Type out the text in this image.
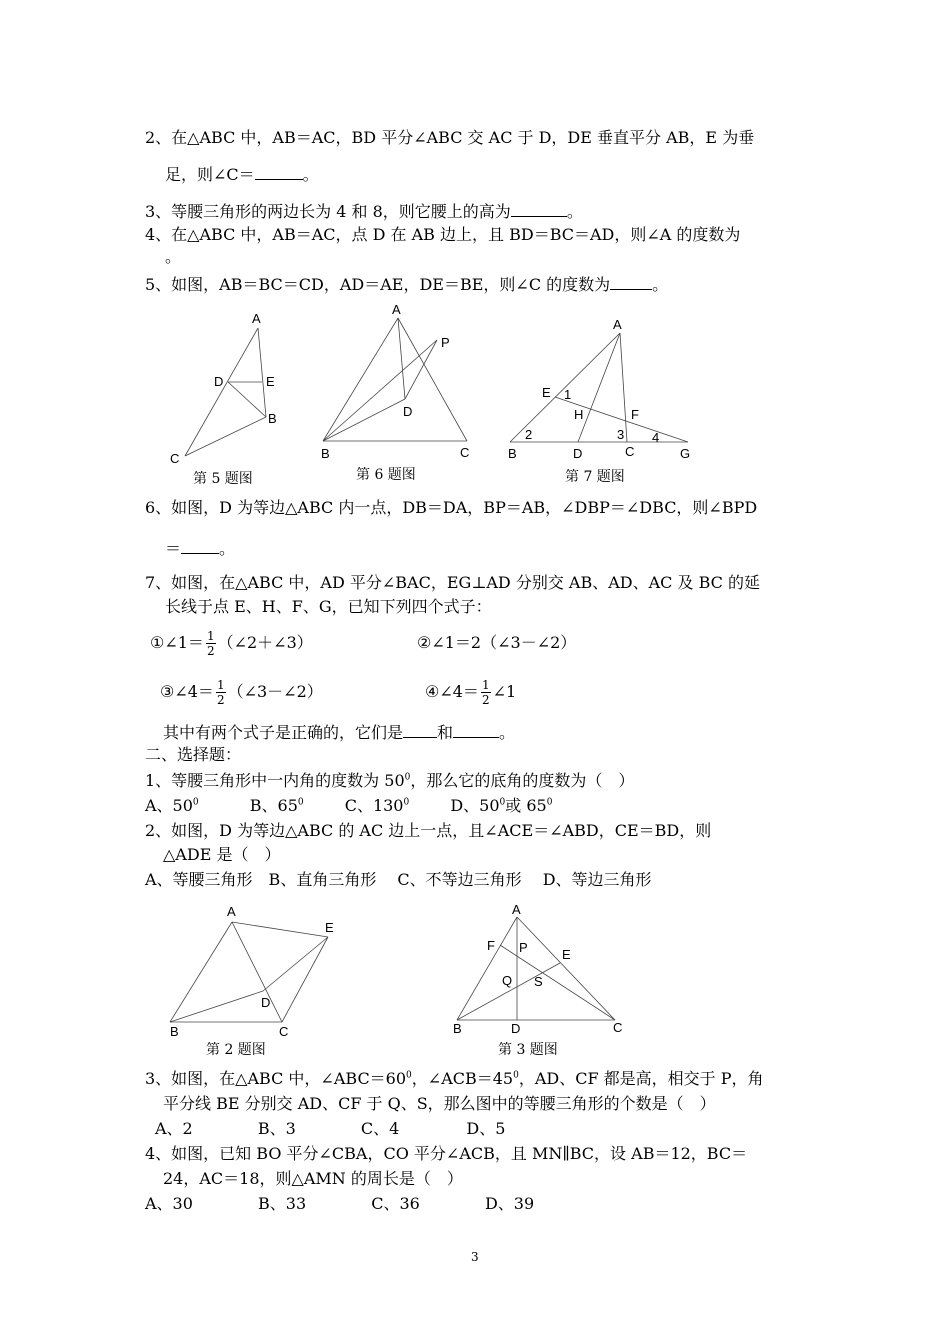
2、在△ABC 中，AB＝AC，BD 平分∠ABC 交 AC 于 D，DE 垂直平分 AB，E 为垂
足，则∠C＝	。
3、等腰三角形的两边长为 4 和 8，则它腰上的高为	。
4、在△ABC 中，AB＝AC，点 D 在 AB 边上，且 BD＝BC＝AD，则∠A 的度数为
。
5、如图，AB＝BC＝CD，AD＝AE，DE＝BE，则∠C 的度数为	。
A
D	E
B
C
第 5 题图
A
P
D
B	C
第 6 题图
A
E 1
H	F
2	3 4
B	D	C	G
第 7 题图
6、如图，D 为等边△ABC 内一点，DB＝DA，BP＝AB，∠DBP＝∠DBC，则∠BPD
＝ 。
7、如图，在△ABC 中，AD 平分∠BAC，EG⊥AD 分别交 AB、AD、AC 及 BC 的延
长线于点 E、H、F、G，已知下列四个式子：
①∠1＝ $\frac{1}{2}$ （∠2＋∠3）	②∠1＝2（∠3－∠2）
③∠4＝ $\frac{1}{2}$ （∠3－∠2）	④∠4＝ $\frac{1}{2}$ ∠1
其中有两个式子是正确的，它们是 和	。
二、选择题：
1、等腰三角形中一内角的度数为 $50^0$，那么它的底角的度数为（　）
A、$50^0$	B、$65^0$	C、$130^0$	D、$50^0$或 $65^0$
2、如图，D 为等边△ABC 的 AC 边上一点，且∠ACE＝∠ABD，CE＝BD，则
△ADE 是（　）
A、等腰三角形　B、直角三角形　 C、不等边三角形　 D、等边三角形
A
E
D
B	C
第 2 题图
A
F P	E
Q S
B	D	C
第 3 题图
3、如图，在△ABC 中，$\angle ABC=60^0$，$\angle ACB=45^0$，AD、CF 都是高，相交于 P，角
平分线 BE 分别交 AD、CF 于 Q、S，那么图中的等腰三角形的个数是（　）
A、2	B、3	C、4	D、5
4、如图，已知 BO 平分∠CBA，CO 平分∠ACB，且 MN∥BC，设 AB＝12，BC＝
24，AC＝18，则△AMN 的周长是（　）
A、30	B、33	C、36	D、39
3
